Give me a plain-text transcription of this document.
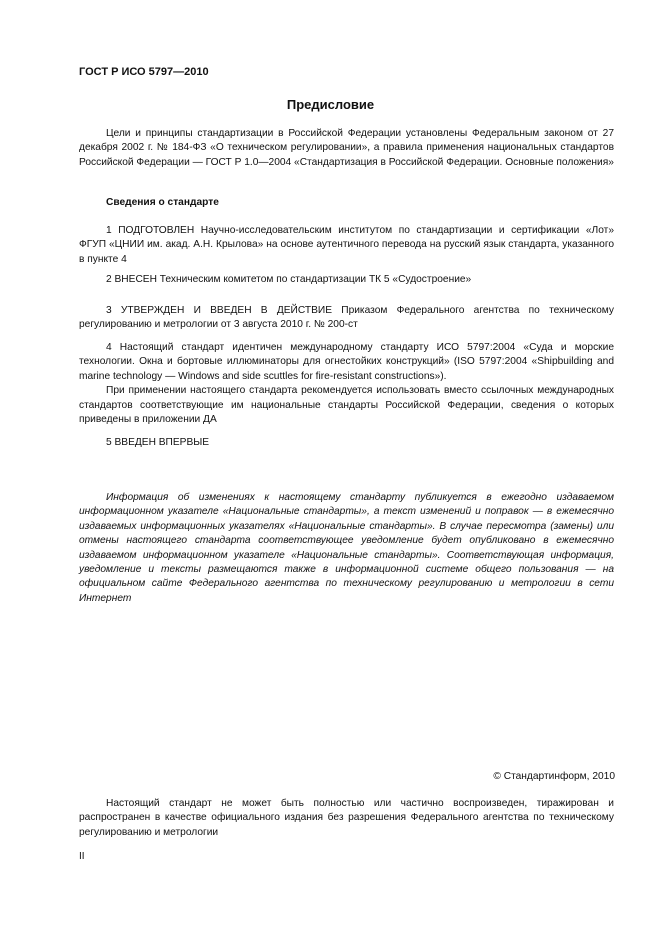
ГОСТ Р ИСО 5797—2010
Предисловие

Цели и принципы стандартизации в Российской Федерации установлены Федеральным законом от 27 декабря 2002 г. № 184-ФЗ «О техническом регулировании», а правила применения национальных стандартов Российской Федерации — ГОСТ Р 1.0—2004 «Стандартизация в Российской Федерации. Основные положения»

Сведения о стандарте

1 ПОДГОТОВЛЕН Научно-исследовательским институтом по стандартизации и сертификации «Лот» ФГУП «ЦНИИ им. акад. А.Н. Крылова» на основе аутентичного перевода на русский язык стандарта, указанного в пункте 4

2 ВНЕСЕН Техническим комитетом по стандартизации ТК 5 «Судостроение»

3 УТВЕРЖДЕН И ВВЕДЕН В ДЕЙСТВИЕ Приказом Федерального агентства по техническому регулированию и метрологии от 3 августа 2010 г. № 200-ст

4 Настоящий стандарт идентичен международному стандарту ИСО 5797:2004 «Суда и морские технологии. Окна и бортовые иллюминаторы для огнестойких конструкций» (ISO 5797:2004 «Shipbuilding and marine technology — Windows and side scuttles for fire-resistant constructions»).

При применении настоящего стандарта рекомендуется использовать вместо ссылочных международных стандартов соответствующие им национальные стандарты Российской Федерации, сведения о которых приведены в приложении ДА

5 ВВЕДЕН ВПЕРВЫЕ

Информация об изменениях к настоящему стандарту публикуется в ежегодно издаваемом информационном указателе «Национальные стандарты», а текст изменений и поправок — в ежемесячно издаваемых информационных указателях «Национальные стандарты». В случае пересмотра (замены) или отмены настоящего стандарта соответствующее уведомление будет опубликовано в ежемесячно издаваемом информационном указателе «Национальные стандарты». Соответствующая информация, уведомление и тексты размещаются также в информационной системе общего пользования — на официальном сайте Федерального агентства по техническому регулированию и метрологии в сети Интернет

© Стандартинформ, 2010

Настоящий стандарт не может быть полностью или частично воспроизведен, тиражирован и распространен в качестве официального издания без разрешения Федерального агентства по техническому регулированию и метрологии

II
